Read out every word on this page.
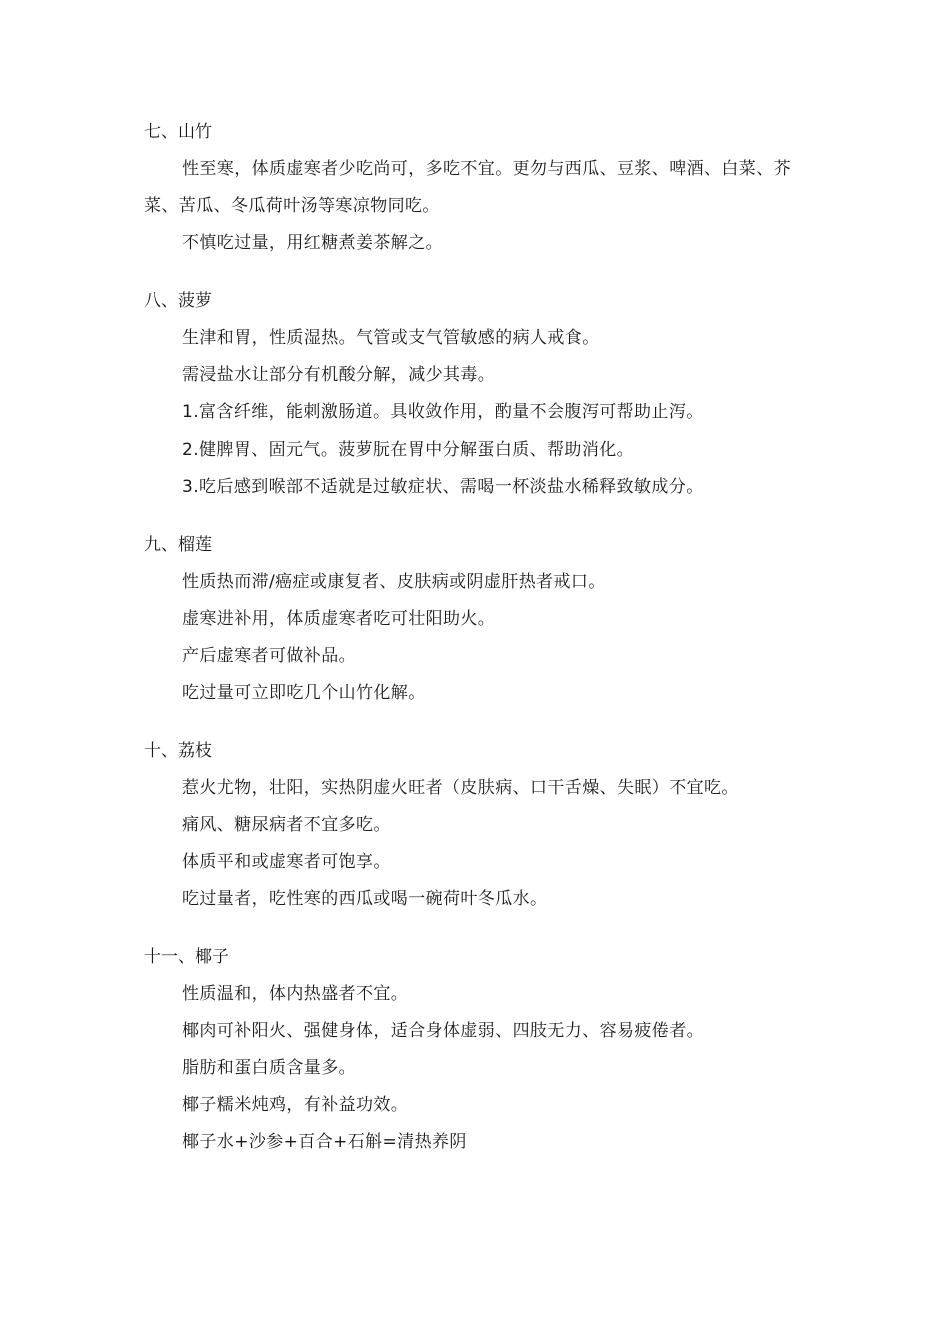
七、山竹
性至寒，体质虚寒者少吃尚可，多吃不宜。更勿与西瓜、豆浆、啤酒、白菜、芥菜、苦瓜、冬瓜荷叶汤等寒凉物同吃。
不慎吃过量，用红糖煮姜茶解之。
八、菠萝
生津和胃，性质湿热。气管或支气管敏感的病人戒食。
需浸盐水让部分有机酸分解，减少其毒。
1.富含纤维，能刺激肠道。具收敛作用，酌量不会腹泻可帮助止泻。
2.健脾胃、固元气。菠萝朊在胃中分解蛋白质、帮助消化。
3.吃后感到喉部不适就是过敏症状、需喝一杯淡盐水稀释致敏成分。
九、榴莲
性质热而滞/癌症或康复者、皮肤病或阴虚肝热者戒口。
虚寒进补用，体质虚寒者吃可壮阳助火。
产后虚寒者可做补品。
吃过量可立即吃几个山竹化解。
十、荔枝
惹火尤物，壮阳，实热阴虚火旺者（皮肤病、口干舌燥、失眠）不宜吃。
痛风、糖尿病者不宜多吃。
体质平和或虚寒者可饱享。
吃过量者，吃性寒的西瓜或喝一碗荷叶冬瓜水。
十一、椰子
性质温和，体内热盛者不宜。
椰肉可补阳火、强健身体，适合身体虚弱、四肢无力、容易疲倦者。
脂肪和蛋白质含量多。
椰子糯米炖鸡，有补益功效。
椰子水+沙参+百合+石斛=清热养阴
